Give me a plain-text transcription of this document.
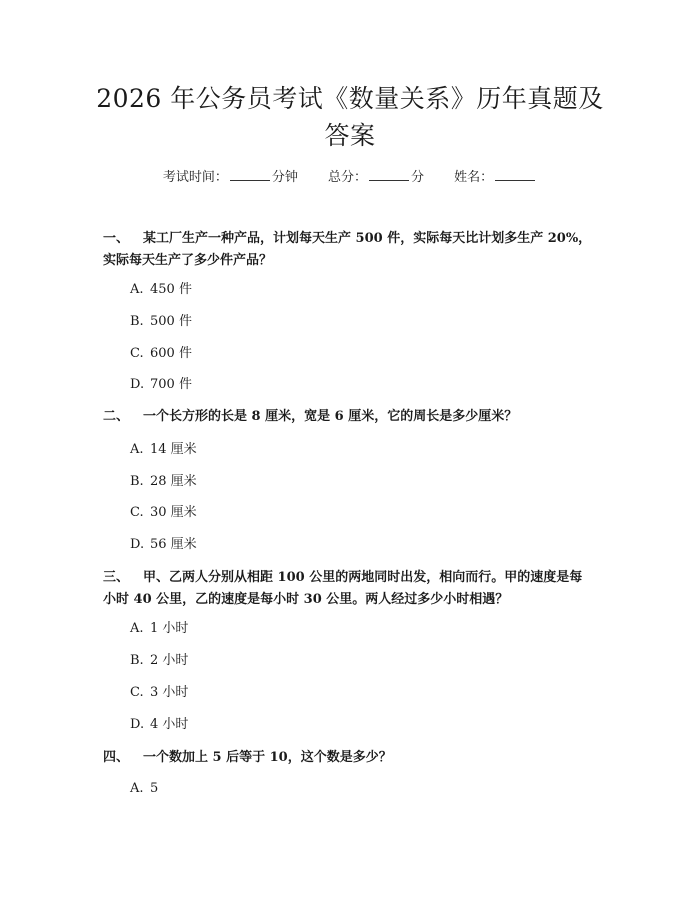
2026 年公务员考试《数量关系》历年真题及
答案
考试时间：	分钟 总分：	分 姓名：
一、 某工厂生产一种产品，计划每天生产 500 件，实际每天比计划多生产 20%，
实际每天生产了多少件产品？
A. 450 件
B. 500 件
C. 600 件
D. 700 件
二、 一个长方形的长是 8 厘米，宽是 6 厘米，它的周长是多少厘米？
A. 14 厘米
B. 28 厘米
C. 30 厘米
D. 56 厘米
三、 甲、乙两人分别从相距 100 公里的两地同时出发，相向而行。甲的速度是每
小时 40 公里，乙的速度是每小时 30 公里。两人经过多少小时相遇？
A. 1 小时
B. 2 小时
C. 3 小时
D. 4 小时
四、 一个数加上 5 后等于 10，这个数是多少？
A. 5
